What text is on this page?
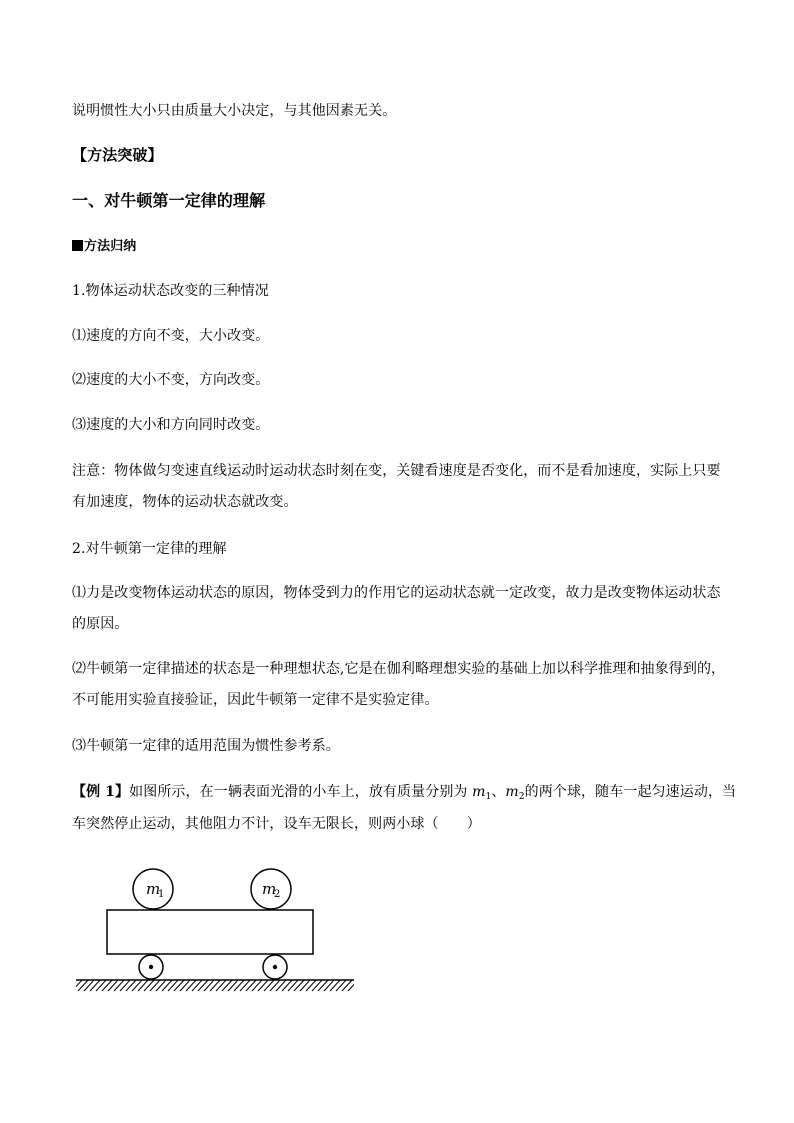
说明惯性大小只由质量大小决定，与其他因素无关。
【方法突破】
一、对牛顿第一定律的理解
方法归纳
1.物体运动状态改变的三种情况
⑴速度的方向不变，大小改变。
⑵速度的大小不变，方向改变。
⑶速度的大小和方向同时改变。
注意：物体做匀变速直线运动时运动状态时刻在变，关键看速度是否变化，而不是看加速度，实际上只要
有加速度，物体的运动状态就改变。
2.对牛顿第一定律的理解
⑴力是改变物体运动状态的原因，物体受到力的作用它的运动状态就一定改变，故力是改变物体运动状态
的原因。
⑵牛顿第一定律描述的状态是一种理想状态,它是在伽利略理想实验的基础上加以科学推理和抽象得到的，
不可能用实验直接验证，因此牛顿第一定律不是实验定律。
⑶牛顿第一定律的适用范围为惯性参考系。
【例 1】如图所示，在一辆表面光滑的小车上，放有质量分别为 $m_1$、$m_2$的两个球，随车一起匀速运动，当
车突然停止运动，其他阻力不计，设车无限长，则两小球（　　）
m
1	m
2
